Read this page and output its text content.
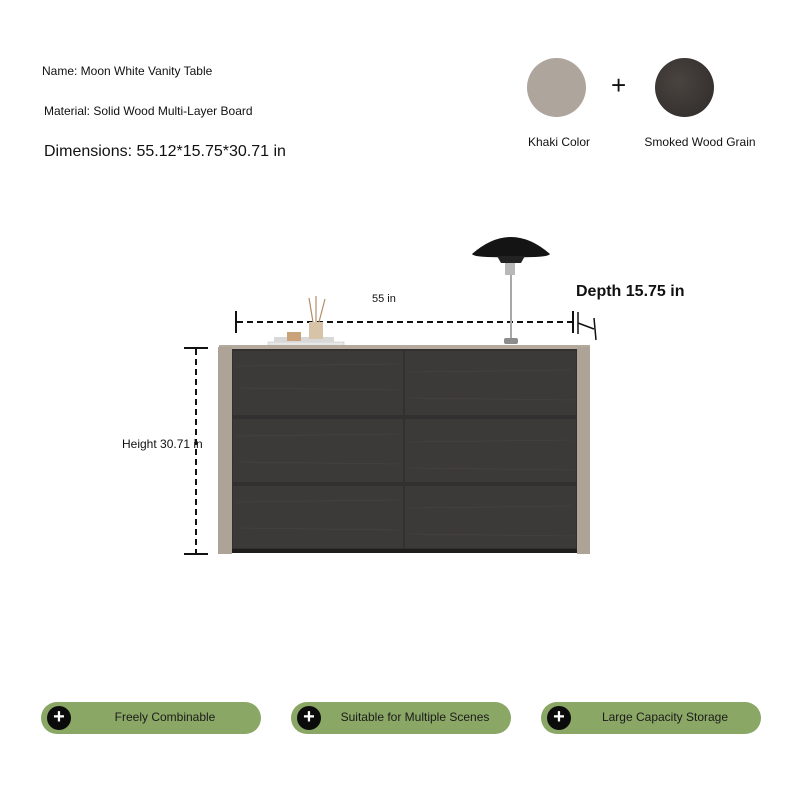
Name: Moon White Vanity Table
Material: Solid Wood Multi-Layer Board
Dimensions: 55.12*15.75*30.71 in
+
Khaki Color	Smoked Wood Grain
55 in	Depth 15.75 in
Height 30.71 in
+	Freely Combinable	+	Suitable for Multiple Scenes	+	Large Capacity Storage
